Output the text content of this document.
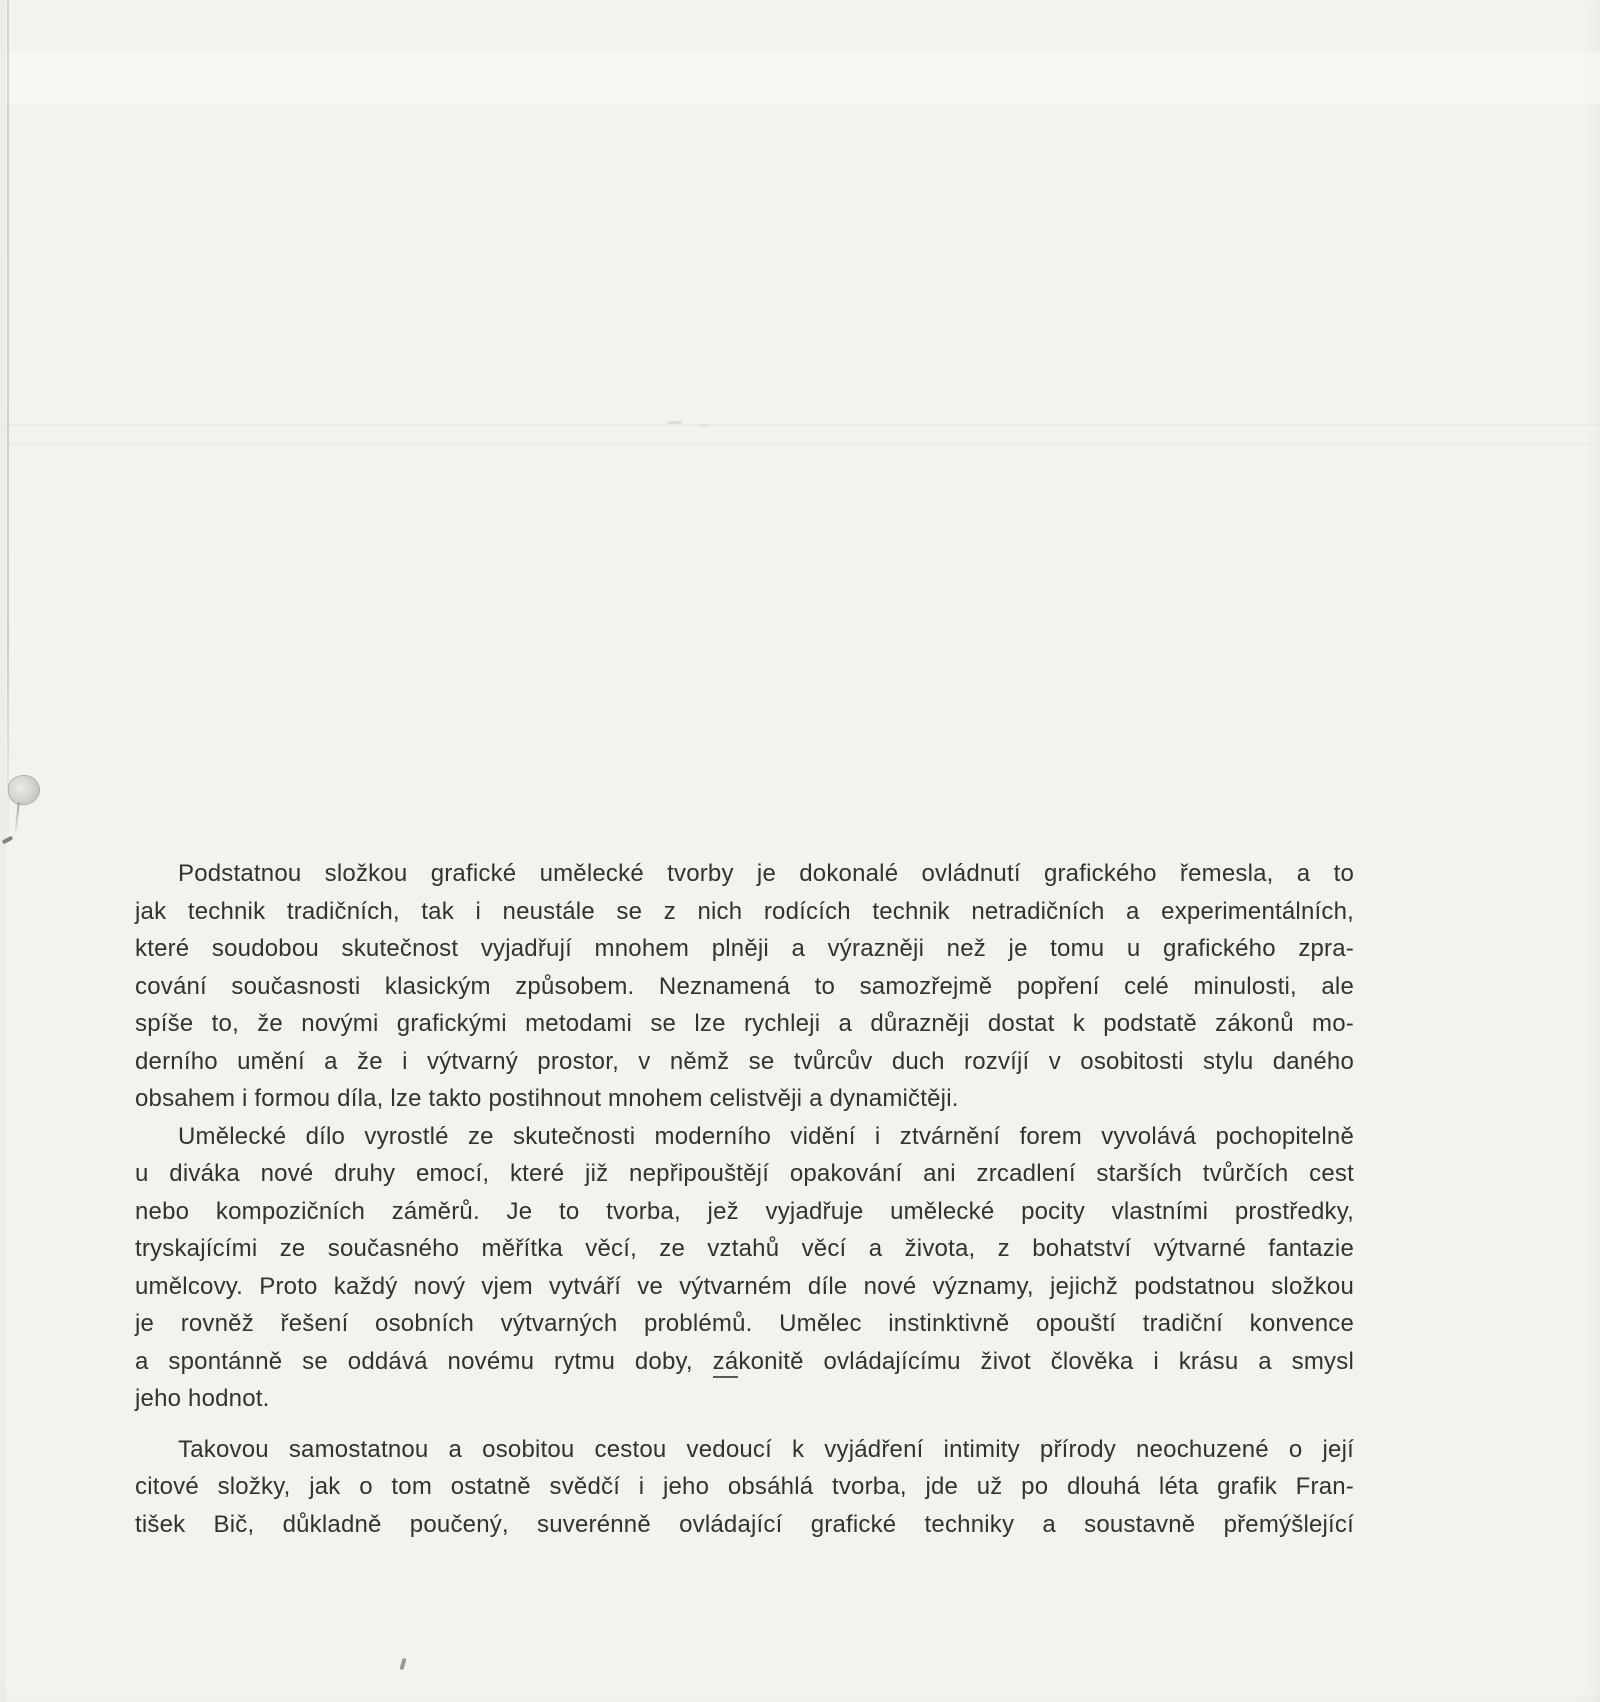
Podstatnou složkou grafické umělecké tvorby je dokonalé ovládnutí grafického řemesla, a to
jak technik tradičních, tak i neustále se z nich rodících technik netradičních a experimentálních,
které soudobou skutečnost vyjadřují mnohem plněji a výrazněji než je tomu u grafického zpra-
cování současnosti klasickým způsobem. Neznamená to samozřejmě popření celé minulosti, ale
spíše to, že novými grafickými metodami se lze rychleji a důrazněji dostat k podstatě zákonů mo-
derního umění a že i výtvarný prostor, v němž se tvůrcův duch rozvíjí v osobitosti stylu daného
obsahem i formou díla, lze takto postihnout mnohem celistvěji a dynamičtěji.
Umělecké dílo vyrostlé ze skutečnosti moderního vidění i ztvárnění forem vyvolává pochopitelně
u diváka nové druhy emocí, které již nepřipouštějí opakování ani zrcadlení starších tvůrčích cest
nebo kompozičních záměrů. Je to tvorba, jež vyjadřuje umělecké pocity vlastními prostředky,
tryskajícími ze současného měřítka věcí, ze vztahů věcí a života, z bohatství výtvarné fantazie
umělcovy. Proto každý nový vjem vytváří ve výtvarném díle nové významy, jejichž podstatnou složkou
je rovněž řešení osobních výtvarných problémů. Umělec instinktivně opouští tradiční konvence
a spontánně se oddává novému rytmu doby, zákonitě ovládajícímu život člověka i krásu a smysl
jeho hodnot.
Takovou samostatnou a osobitou cestou vedoucí k vyjádření intimity přírody neochuzené o její
citové složky, jak o tom ostatně svědčí i jeho obsáhlá tvorba, jde už po dlouhá léta grafik Fran-
tišek Bič, důkladně poučený, suverénně ovládající grafické techniky a soustavně přemýšlející
